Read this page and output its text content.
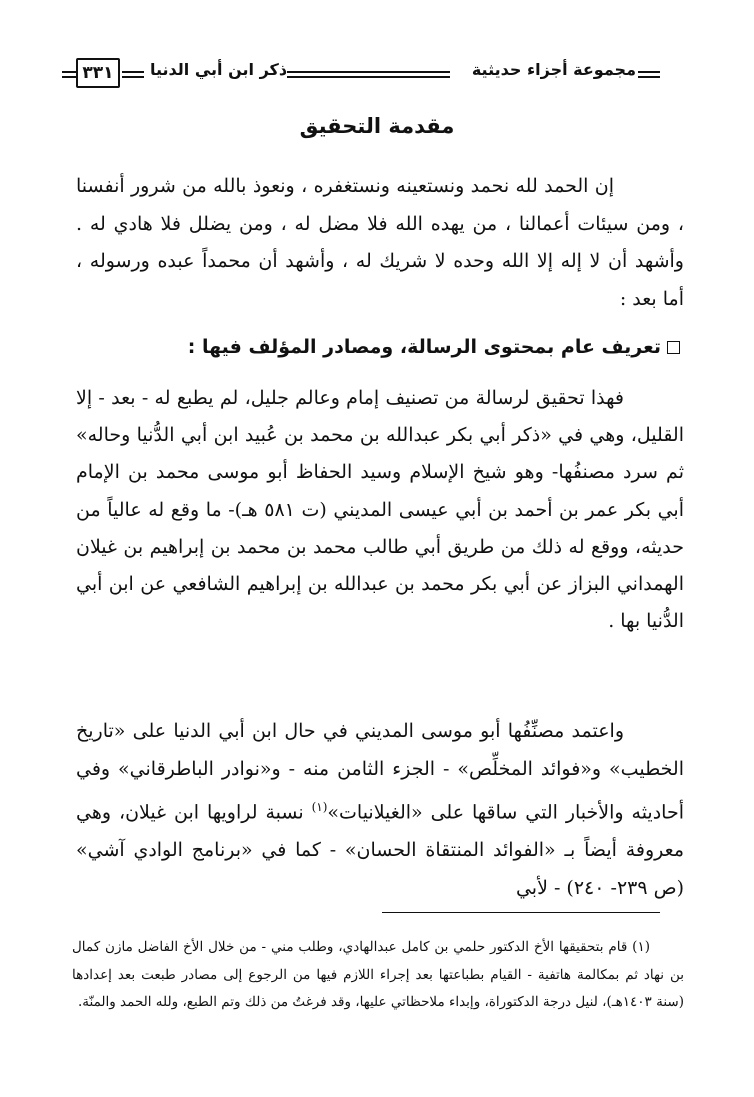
مجموعة أجزاء حديثية
ذكر ابن أبي الدنيا
٣٣١
مقدمة التحقيق
إن الحمد لله نحمد ونستعينه ونستغفره ، ونعوذ بالله من شرور أنفسنا ، ومن سيئات أعمالنا ، من يهده الله فلا مضل له ، ومن يضلل فلا هادي له . وأشهد أن لا إله إلا الله وحده لا شريك له ، وأشهد أن محمداً عبده ورسوله ، أما بعد :
تعريف عام بمحتوى الرسالة، ومصادر المؤلف فيها :
فهذا تحقيق لرسالة من تصنيف إمام وعالم جليل، لم يطبع له - بعد - إلا القليل، وهي في «ذكر أبي بكر عبدالله بن محمد بن عُبيد ابن أبي الدُّنيا وحاله» ثم سرد مصنفُها- وهو شيخ الإسلام وسيد الحفاظ أبو موسى محمد بن الإمام أبي بكر عمر بن أحمد بن أبي عيسى المديني (ت ٥٨١ هـ)- ما وقع له عالياً من حديثه، ووقع له ذلك من طريق أبي طالب محمد بن محمد بن إبراهيم بن غيلان الهمداني البزاز عن أبي بكر محمد بن عبدالله بن إبراهيم الشافعي عن ابن أبي الدُّنيا بها .
واعتمد مصنِّفُها أبو موسى المديني في حال ابن أبي الدنيا على «تاريخ الخطيب» و«فوائد المخلِّص» - الجزء الثامن منه - و«نوادر الباطرقاني» وفي أحاديثه والأخبار التي ساقها على «الغيلانيات»$^{(١)}$ نسبة لراويها ابن غيلان، وهي معروفة أيضاً بـ «الفوائد المنتقاة الحسان» - كما في «برنامج الوادي آشي» (ص ٢٣٩- ٢٤٠) - لأبي
(١) قام بتحقيقها الأخ الدكتور حلمي بن كامل عبدالهادي، وطلب مني - من خلال الأخ الفاضل مازن كمال بن نهاد ثم بمكالمة هاتفية - القيام بطباعتها بعد إجراء اللازم فيها من الرجوع إلى مصادر طبعت بعد إعدادها (سنة ١٤٠٣هـ)، لنيل درجة الدكتوراة، وإبداء ملاحظاتي عليها، وقد فرغتُ من ذلك وتم الطبع، ولله الحمد والمنّة.
